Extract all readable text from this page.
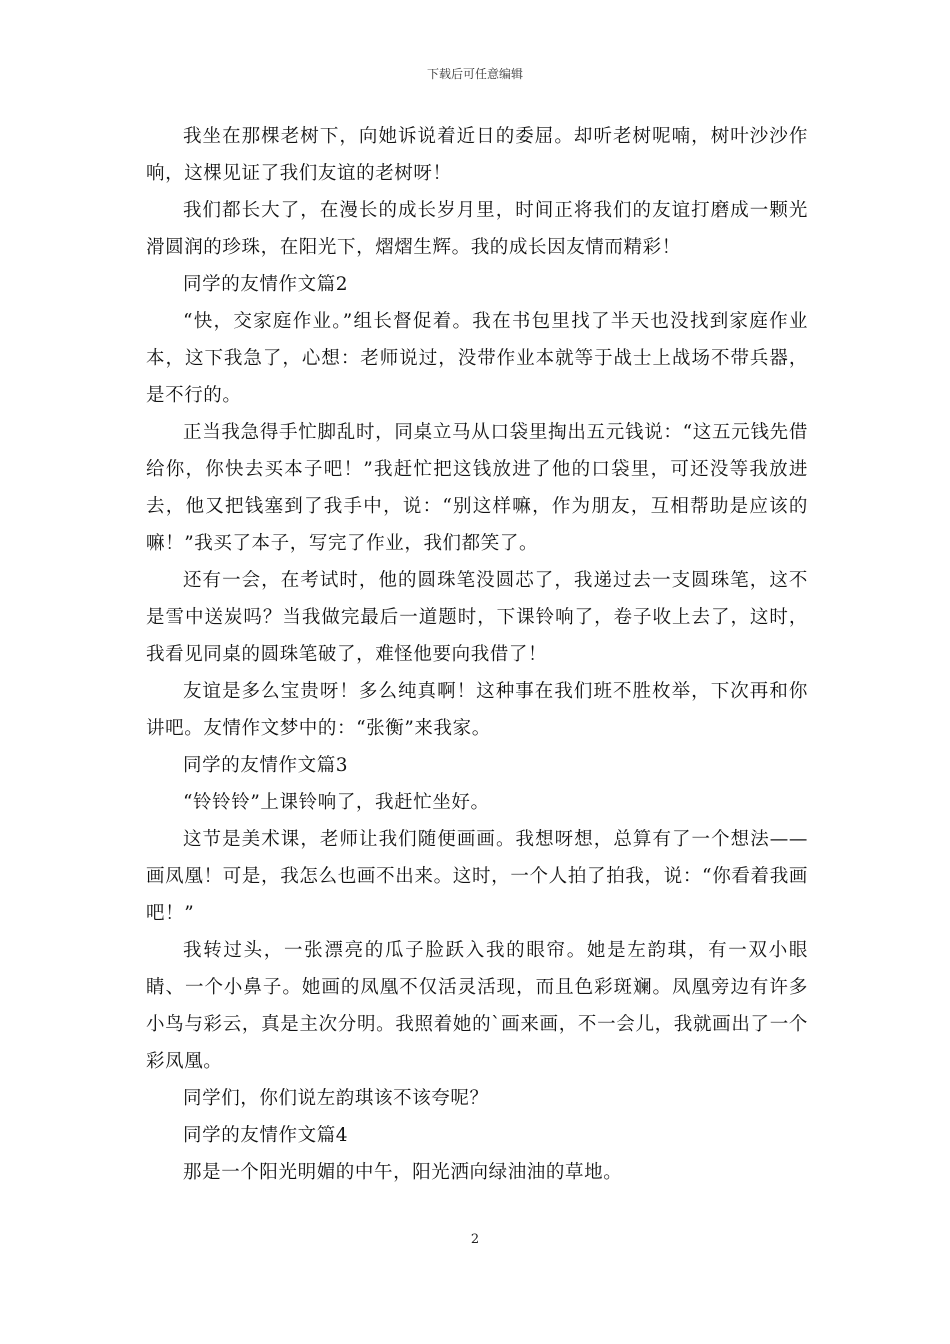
下载后可任意编辑

我坐在那棵老树下，向她诉说着近日的委屈。却听老树呢喃，树叶沙沙作响，这棵见证了我们友谊的老树呀！

我们都长大了，在漫长的成长岁月里，时间正将我们的友谊打磨成一颗光滑圆润的珍珠，在阳光下，熠熠生辉。我的成长因友情而精彩！

同学的友情作文篇2

“快，交家庭作业。”组长督促着。我在书包里找了半天也没找到家庭作业本，这下我急了，心想：老师说过，没带作业本就等于战士上战场不带兵器，是不行的。

正当我急得手忙脚乱时，同桌立马从口袋里掏出五元钱说：“这五元钱先借给你，你快去买本子吧！”我赶忙把这钱放进了他的口袋里，可还没等我放进去，他又把钱塞到了我手中，说：“别这样嘛，作为朋友，互相帮助是应该的嘛！”我买了本子，写完了作业，我们都笑了。

还有一会，在考试时，他的圆珠笔没圆芯了，我递过去一支圆珠笔，这不是雪中送炭吗？当我做完最后一道题时，下课铃响了，卷子收上去了，这时，我看见同桌的圆珠笔破了，难怪他要向我借了！

友谊是多么宝贵呀！多么纯真啊！这种事在我们班不胜枚举，下次再和你讲吧。友情作文梦中的：“张衡”来我家。

同学的友情作文篇3

“铃铃铃”上课铃响了，我赶忙坐好。

这节是美术课，老师让我们随便画画。我想呀想，总算有了一个想法——画凤凰！可是，我怎么也画不出来。这时，一个人拍了拍我，说：“你看着我画吧！”

我转过头，一张漂亮的瓜子脸跃入我的眼帘。她是左韵琪，有一双小眼睛、一个小鼻子。她画的凤凰不仅活灵活现，而且色彩斑斓。凤凰旁边有许多小鸟与彩云，真是主次分明。我照着她的`画来画，不一会儿，我就画出了一个彩凤凰。

同学们，你们说左韵琪该不该夸呢？

同学的友情作文篇4

那是一个阳光明媚的中午，阳光洒向绿油油的草地。

2
